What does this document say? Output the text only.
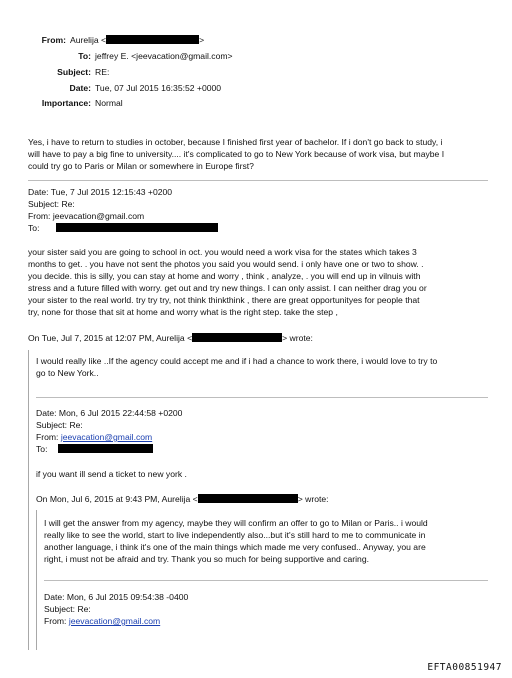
From: Aurelija <	>
To: jeffrey E. <jeevacation@gmail.com>
Subject: RE:
Date: Tue, 07 Jul 2015 16:35:52 +0000
Importance: Normal
Yes, i have to return to studies in october, because I finished first year of bachelor. If i don't go back to study, i
will have to pay a big fine to university.... it's complicated to go to New York because of work visa, but maybe I
could try go to Paris or Milan or somewhere in Europe first?
Date: Tue, 7 Jul 2015 12:15:43 +0200
Subject: Re:
From: jeevacation@gmail.com
To:
your sister said you are going to school in oct. you would need a work visa for the states which takes 3
months to get. . you have not sent the photos you said you would send. i only have one or two to show. .
you decide. this is silly, you can stay at home and worry , think , analyze, . you will end up in vilnuis with
stress and a future filled with worry. get out and try new things. I can only assist. I can neither drag you or
your sister to the real world. try try try, not think thinkthink , there are great opportunityes for people that
try, none for those that sit at home and worry what is the right step. take the step ,
On Tue, Jul 7, 2015 at 12:07 PM, Aurelija <	> wrote:
I would really like ..If the agency could accept me and if i had a chance to work there, i would love to try to
go to New York..
Date: Mon, 6 Jul 2015 22:44:58 +0200
Subject: Re:
From: jeevacation@gmail.com
To:
if you want ill send a ticket to new york .
On Mon, Jul 6, 2015 at 9:43 PM, Aurelija <	> wrote:
I will get the answer from my agency, maybe they will confirm an offer to go to Milan or Paris.. i would
really like to see the world, start to live independently also...but it's still hard to me to communicate in
another language, i think it's one of the main things which made me very confused.. Anyway, you are
right, i must not be afraid and try. Thank you so much for being supportive and caring.
Date: Mon, 6 Jul 2015 09:54:38 -0400
Subject: Re:
From: jeevacation@gmail.com
EFTA00851947
